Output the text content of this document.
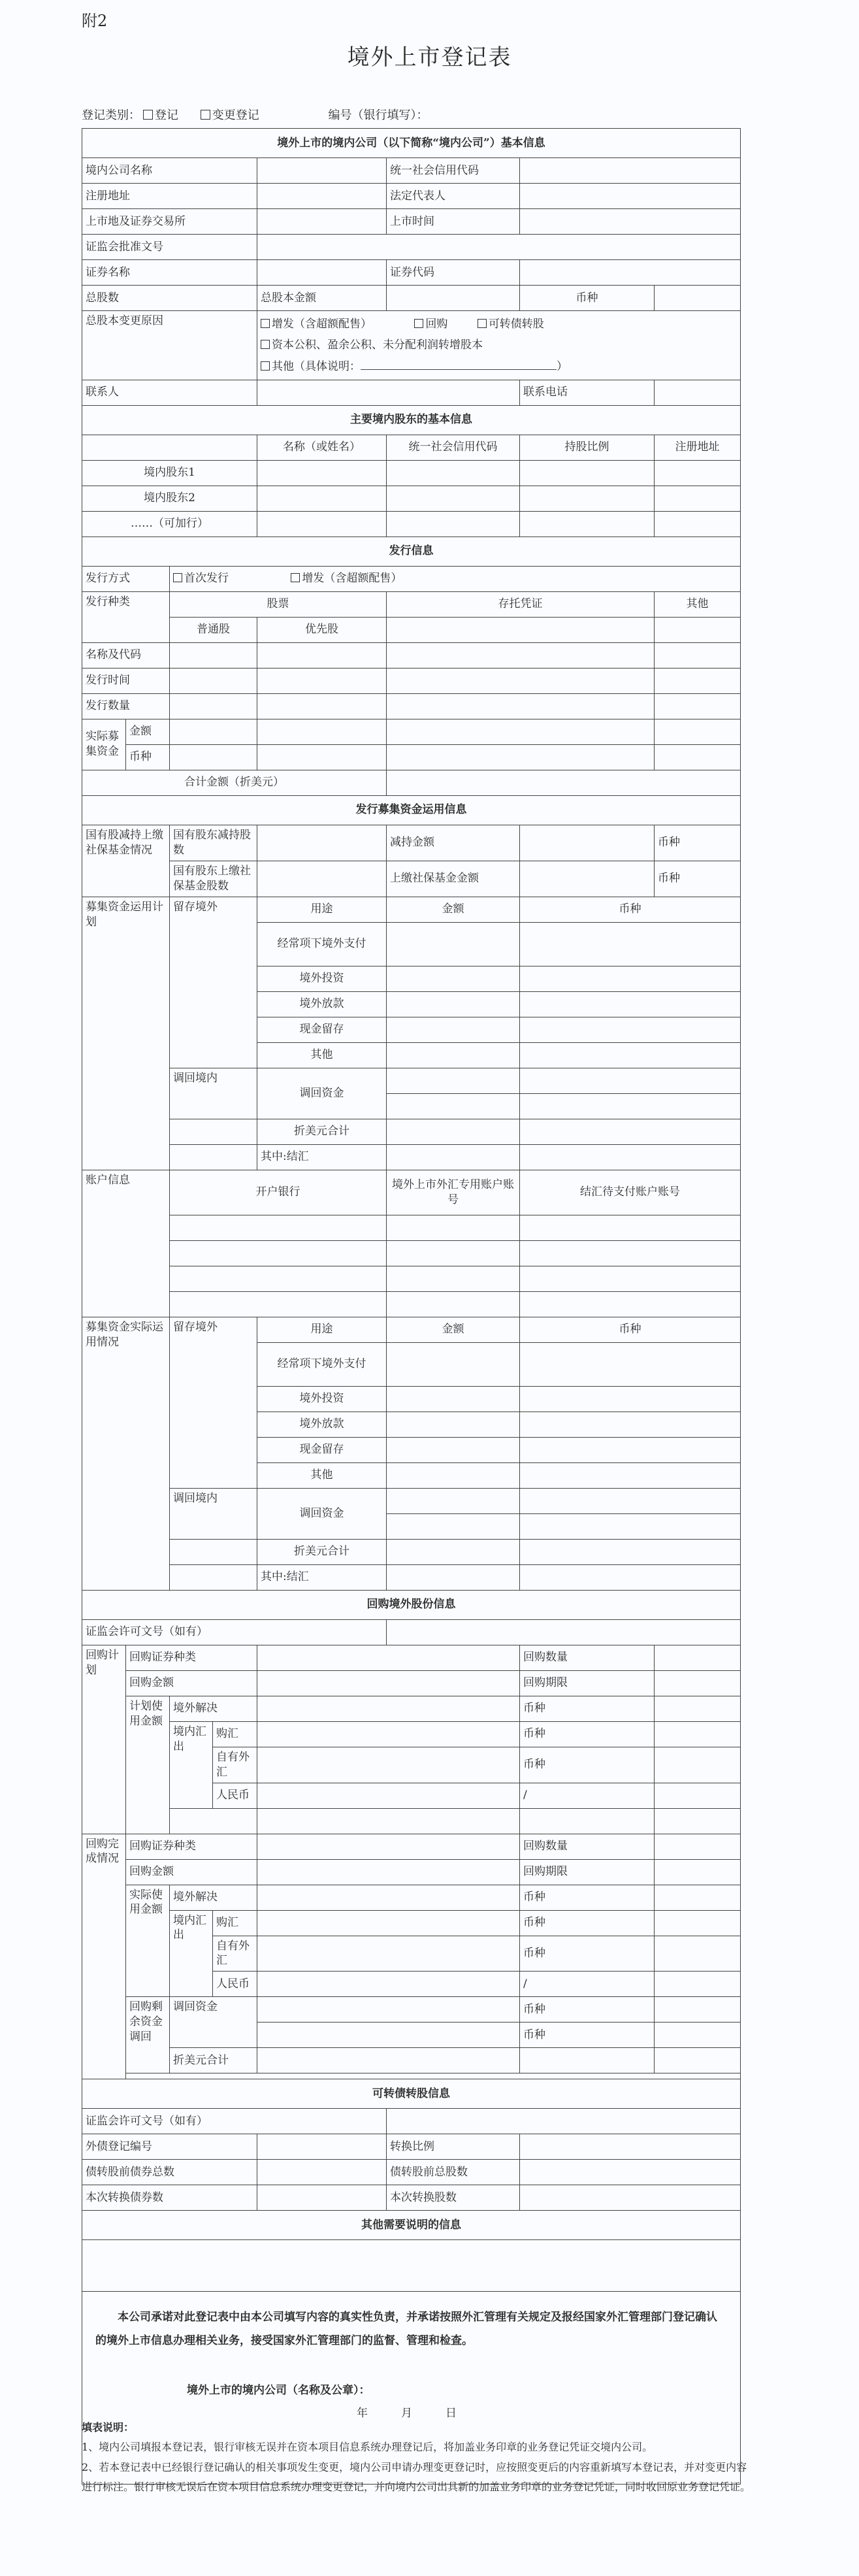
附2
境外上市登记表
登记类别： 登记	变更登记	编号（银行填写）：
境外上市的境内公司（以下简称“境内公司”）基本信息							
境内公司名称					统一社会信用代码		
注册地址					法定代表人		
上市地及证券交易所					上市时间		
证监会批准文号							
证券名称					证券代码		
总股数				总股本金额		币种	
总股本变更原因				增发（含超额配售） 回购 可转债转股
资本公积、盈余公积、未分配利润转增股本
其他（具体说明： ）			
联系人						联系电话	
主要境内股东的基本信息							
				名称（或姓名）	统一社会信用代码	持股比例	注册地址
境内股东1							
境内股东2							
……（可加行）							
发行信息							
发行方式		首次发行 增发（含超额配售）					
发行种类		股票			存托凭证		其他
		普通股		优先股			
名称及代码							
发行时间							
发行数量							
实际募集资金	金额						
	币种						
合计金额（折美元）							
发行募集资金运用信息							
国有股减持上缴社保基金情况		国有股东减持股数			减持金额		币种
		国有股东上缴社保基金股数			上缴社保基金金额		币种
募集资金运用计划		留存境外		用途	金额	币种	
				经常项下境外支付			
				境外投资			
				境外放款			
				现金留存			
				其他			
		调回境内		调回资金			

				折美元合计			
				其中:结汇			
账户信息		开户银行			境外上市外汇专用账户账号	结汇待支付账户账号	

募集资金实际运用情况		留存境外		用途	金额	币种	
				经常项下境外支付			
				境外投资			
				境外放款			
				现金留存			
				其他			
		调回境内		调回资金			

				折美元合计			
				其中:结汇			
回购境外股份信息							
证监会许可文号（如有）							
回购计划	回购证券种类					回购数量	
	回购金额					回购期限	
	计划使用金额	境外解决				币种	
		境内汇出	购汇			币种	
			自有外汇			币种	
			人民币			/	

回购完成情况	回购证券种类					回购数量	
	回购金额					回购期限	
	实际使用金额	境外解决				币种	
		境内汇出	购汇			币种	
			自有外汇			币种	
			人民币			/	
	回购剩余资金调回	调回资金				币种	
						币种	
		折美元合计					

可转债转股信息							
证监会许可文号（如有）							
外债登记编号					转换比例		
债转股前债券总数					债转股前总股数		
本次转换债券数					本次转换股数		
其他需要说明的信息							

本公司承诺对此登记表中由本公司填写内容的真实性负责，并承诺按照外汇管理有关规定及报经国家外汇管理部门登记确认的境外上市信息办理相关业务，接受国家外汇管理部门的监督、管理和检查。
境外上市的境内公司（名称及公章）：
年　　　月　　　日							
填表说明：
1、境内公司填报本登记表，银行审核无误并在资本项目信息系统办理登记后，将加盖业务印章的业务登记凭证交境内公司。
2、若本登记表中已经银行登记确认的相关事项发生变更，境内公司申请办理变更登记时，应按照变更后的内容重新填写本登记表，并对变更内容进行标注。银行审核无误后在资本项目信息系统办理变更登记，并向境内公司出具新的加盖业务印章的业务登记凭证，同时收回原业务登记凭证。
